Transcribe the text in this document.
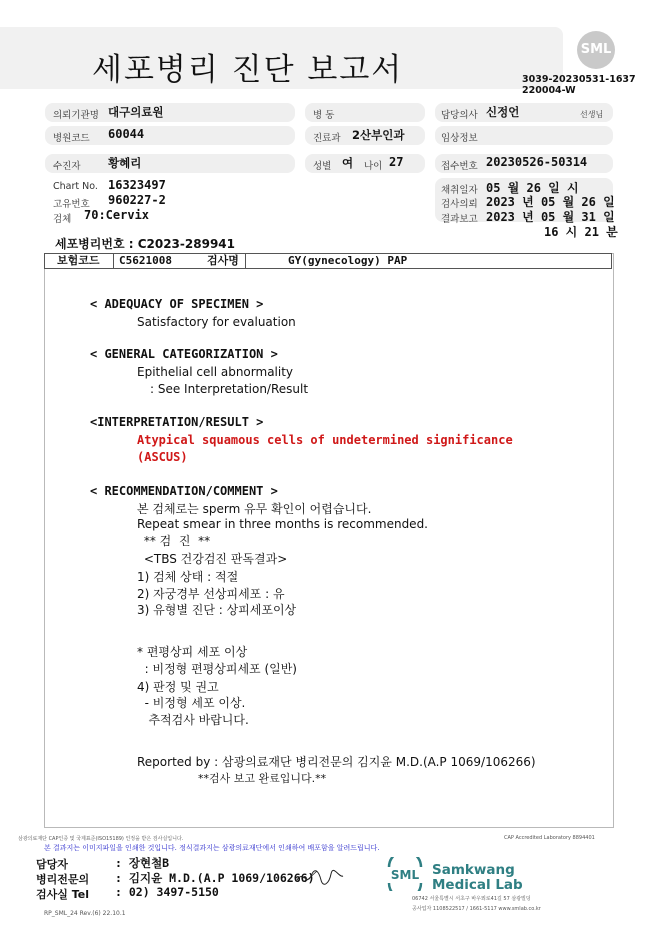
세포병리 진단 보고서
SML
3039-20230531-1637
220004-W
의뢰기관명 대구의료원	병 동	담당의사 신정언	선생님
병원코드 60044	진료과 2산부인과	임상정보
수진자 황혜리	성별 여 나이 27	접수번호 20230526-50314
Chart No. 16323497
고유번호 960227-2
검체 70:Cervix
채취일자 05 월 26 일 시
검사의뢰 2023 년 05 월 26 일
결과보고 2023 년 05 월 31 일
16 시 21 분
세포병리번호 : C2023-289941
보험코드 C5621008	검사명	GY(gynecology) PAP
< ADEQUACY OF SPECIMEN >
Satisfactory for evaluation
< GENERAL CATEGORIZATION >
Epithelial cell abnormality
: See Interpretation/Result
<INTERPRETATION/RESULT >
Atypical squamous cells of undetermined significance
(ASCUS)
< RECOMMENDATION/COMMENT >
본 검체로는 sperm 유무 확인이 어렵습니다.
Repeat smear in three months is recommended.
** 검  진  **
<TBS 건강검진 판독결과>
1) 검체 상태 : 적절
2) 자궁경부 선상피세포 : 유
3) 유형별 진단 : 상피세포이상
* 편평상피 세포 이상
: 비정형 편평상피세포 (일반)
4) 판정 및 권고
- 비정형 세포 이상.
추적검사 바랍니다.
Reported by : 삼광의료재단 병리전문의 김지윤 M.D.(A.P 1069/106266)
**검사 보고 완료입니다.**
삼광의료재단 CAP인증 및 국제표준(ISO15189) 인정을 받은 검사실입니다.	CAP Accredited Laboratory 8894401
본 결과지는 이미지파일을 인쇄한 것입니다. 정식결과지는 삼광의료재단에서 인쇄하여 배포함을 알려드립니다.
담당자	: 장현철B
병리전문의 : 김지윤 M.D.(A.P 1069/106266)
검사실 Tel : 02) 3497-5150
SML Samkwang
Medical Lab
06742 서울특별시 서초구 바우뫼로41길 57 삼광빌딩
공사업자 1108522517 / 1661-5117 www.smlab.co.kr
RP_SML_24 Rev.(6) 22.10.1
